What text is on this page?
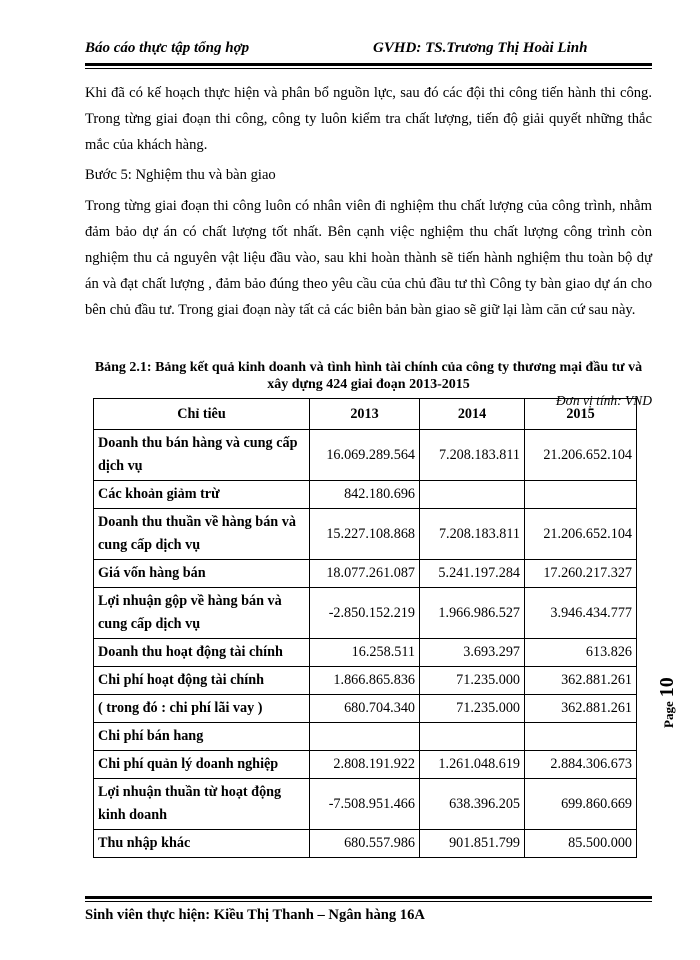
Báo cáo thực tập tổng hợp	GVHD: TS.Trương Thị Hoài Linh
Khi đã có kế hoạch thực hiện và phân bổ nguồn lực, sau đó các đội thi công tiến hành thi công. Trong từng giai đoạn thi công, công ty luôn kiểm tra chất lượng, tiến độ giải quyết những thắc mắc của khách hàng.
Bước 5: Nghiệm thu và bàn giao
Trong từng giai đoạn thi công luôn có nhân viên đi nghiệm thu chất lượng của công trình, nhằm đảm bảo dự án có chất lượng tốt nhất. Bên cạnh việc nghiệm thu chất lượng công trình còn nghiệm thu cả nguyên vật liệu đầu vào, sau khi hoàn thành sẽ tiến hành nghiệm thu toàn bộ dự án và đạt chất lượng , đảm bảo đúng theo yêu cầu của chủ đầu tư thì Công ty bàn giao dự án cho bên chủ đầu tư. Trong giai đoạn này tất cả các biên bản bàn giao sẽ giữ lại làm căn cứ sau này.
Bảng 2.1: Bảng kết quả kinh doanh và tình hình tài chính của công ty thương mại đầu tư và xây dựng 424 giai đoạn 2013-2015
Đơn vị tính: VND
Chỉ tiêu	2013	2014	2015
Doanh thu bán hàng và cung cấp dịch vụ	16.069.289.564	7.208.183.811	21.206.652.104
Các khoản giảm trừ	842.180.696		
Doanh thu thuần về hàng bán và cung cấp dịch vụ	15.227.108.868	7.208.183.811	21.206.652.104
Giá vốn hàng bán	18.077.261.087	5.241.197.284	17.260.217.327
Lợi nhuận gộp về hàng bán và cung cấp dịch vụ	-2.850.152.219	1.966.986.527	3.946.434.777
Doanh thu hoạt động tài chính	16.258.511	3.693.297	613.826
Chi phí hoạt động tài chính	1.866.865.836	71.235.000	362.881.261
( trong đó : chi phí lãi vay )	680.704.340	71.235.000	362.881.261
Chi phí bán hang			
Chi phí quản lý doanh nghiệp	2.808.191.922	1.261.048.619	2.884.306.673
Lợi nhuận thuần từ hoạt động kinh doanh	-7.508.951.466	638.396.205	699.860.669
Thu nhập khác	680.557.986	901.851.799	85.500.000
Page 10
Sinh viên thực hiện: Kiều Thị Thanh – Ngân hàng 16A
